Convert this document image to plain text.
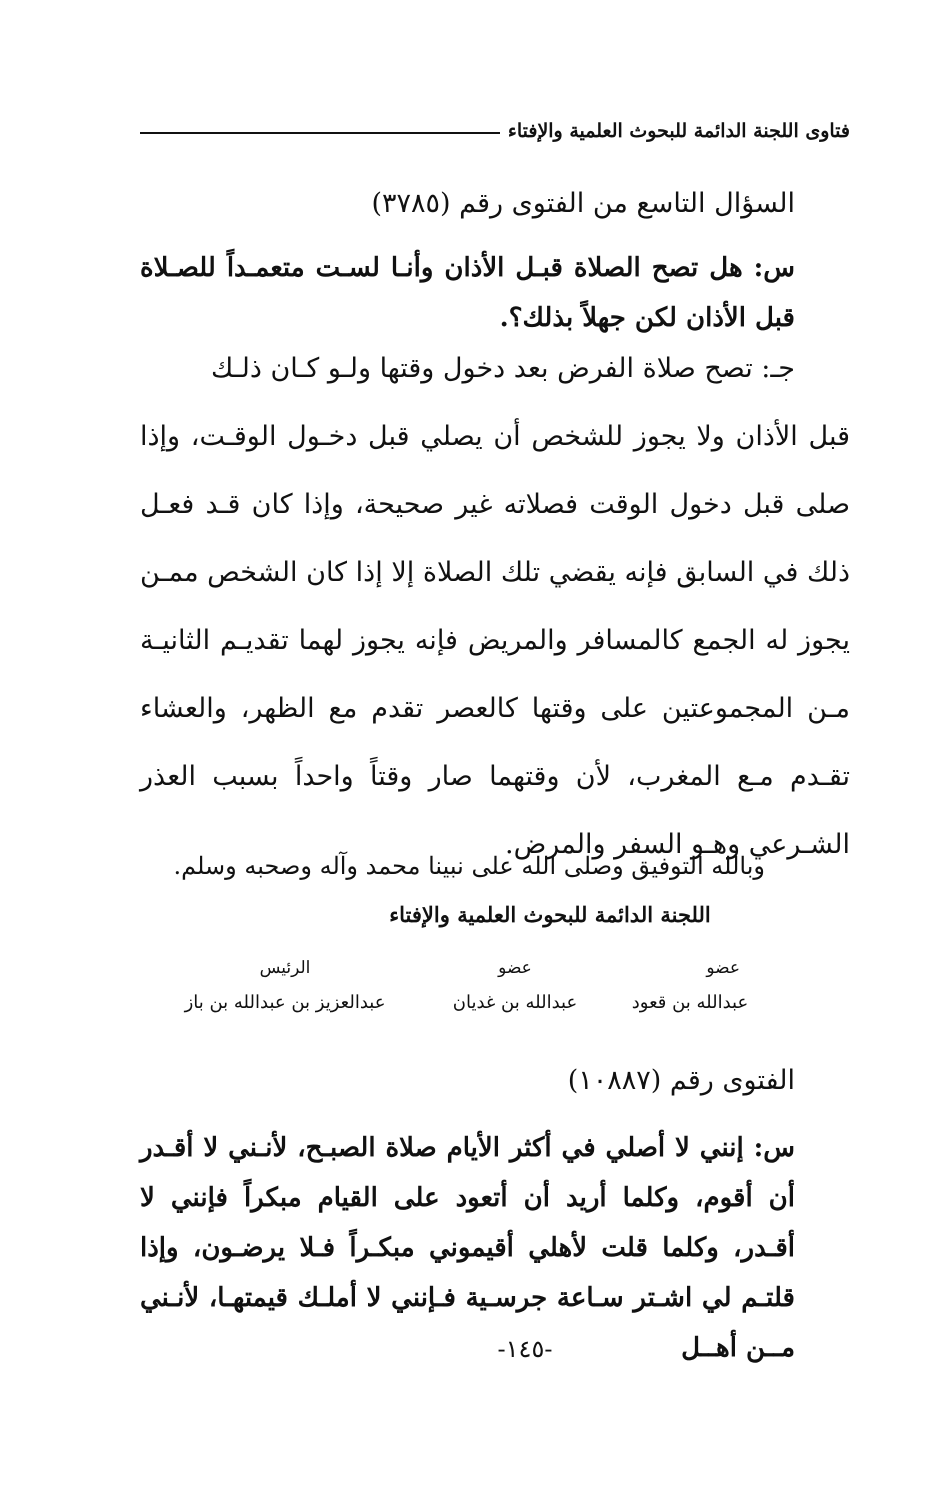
فتاوى اللجنة الدائمة للبحوث العلمية والإفتاء
السؤال التاسع من الفتوى رقم (٣٧٨٥)
س: هل تصح الصلاة قبـل الأذان وأنـا لسـت متعمـداً للصـلاة قبل الأذان لكن جهلاً بذلك؟.
جـ: تصح صلاة الفرض بعد دخول وقتها ولـو كـان ذلـك
قبل الأذان ولا يجوز للشخص أن يصلي قبل دخـول الوقـت، وإذا صلى قبل دخول الوقت فصلاته غير صحيحة، وإذا كان قـد فعـل ذلك في السابق فإنه يقضي تلك الصلاة إلا إذا كان الشخص ممـن يجوز له الجمع كالمسافر والمريض فإنه يجوز لهما تقديـم الثانيـة مـن المجموعتين على وقتها كالعصر تقدم مع الظهر، والعشاء تقـدم مـع المغرب، لأن وقتهما صار وقتاً واحداً بسبب العذر الشـرعي وهـو السفر والمرض.
وبالله التوفيق وصلى الله على نبينا محمد وآله وصحبه وسلم.
اللجنة الدائمة للبحوث العلمية والإفتاء
عضو
عبدالله بن قعود
عضو
عبدالله بن غديان
الرئيس
عبدالعزيز بن عبدالله بن باز
الفتوى رقم (١٠٨٨٧)
س: إنني لا أصلي في أكثر الأيام صلاة الصبـح، لأنـني لا أقـدر أن أقوم، وكلما أريد أن أتعود على القيام مبكراً فإنني لا أقـدر، وكلما قلت لأهلي أقيموني مبكـراً فـلا يرضـون، وإذا قلتـم لي اشـتر سـاعة جرسـية فـإنني لا أملـك قيمتهـا، لأنـني مــن أهــل
-١٤٥-
